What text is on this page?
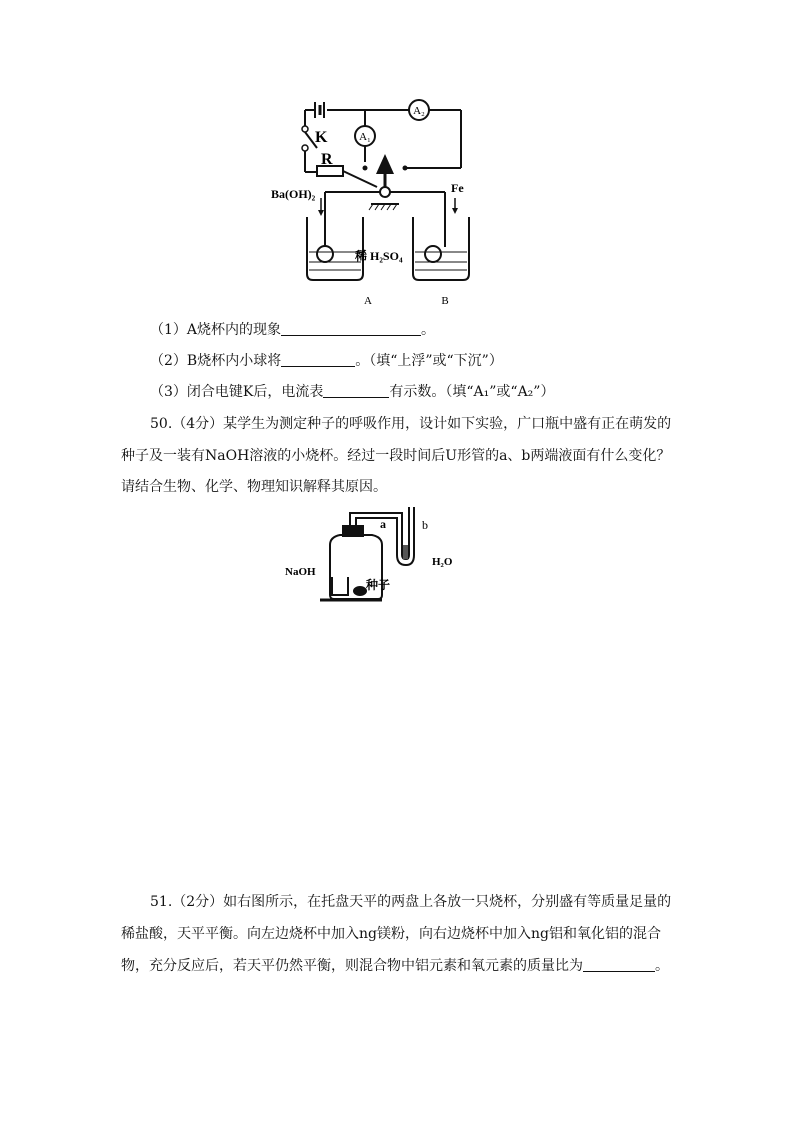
A₂
A₁
K
R
Ba(OH)₂	Fe
稀 H₂SO₄
A	B
（1）A烧杯内的现象	。
（2）B烧杯内小球将	。（填“上浮”或“下沉”）
（3）闭合电键K后，电流表	有示数。（填“A₁”或“A₂”）
50.（4分）某学生为测定种子的呼吸作用，设计如下实验，广口瓶中盛有正在萌发的
种子及一装有NaOH溶液的小烧杯。经过一段时间后U形管的a、b两端液面有什么变化？
请结合生物、化学、物理知识解释其原因。
a	b
NaOH
H₂O
种子
51.（2分）如右图所示，在托盘天平的两盘上各放一只烧杯，分别盛有等质量足量的
稀盐酸，天平平衡。向左边烧杯中加入ng镁粉，向右边烧杯中加入ng铝和氧化铝的混合
物，充分反应后，若天平仍然平衡，则混合物中铝元素和氧元素的质量比为	。
